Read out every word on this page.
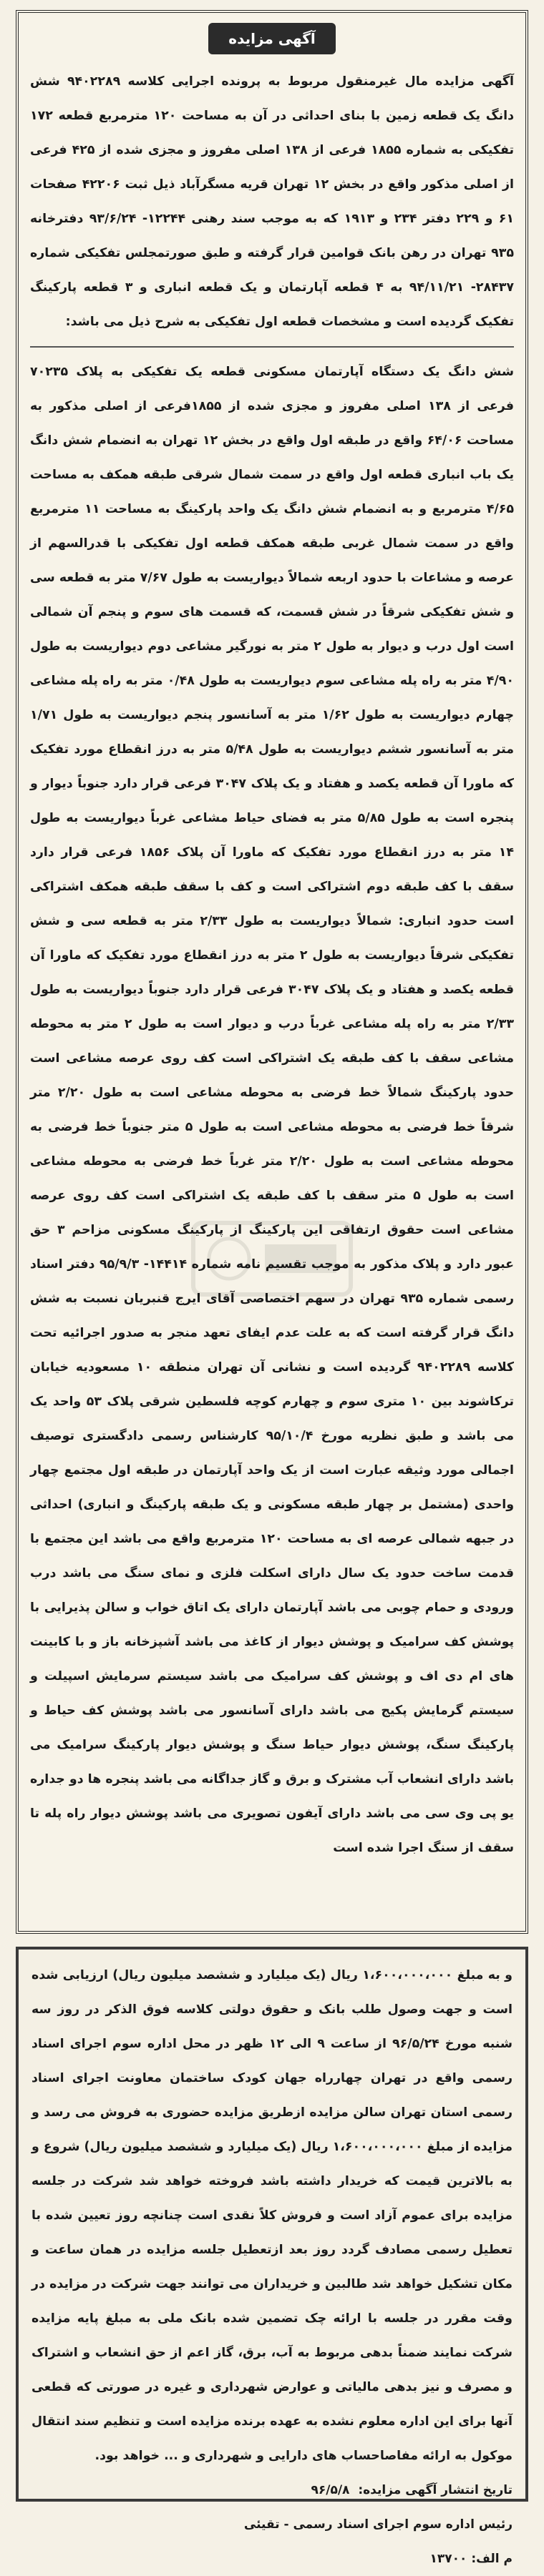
آگهی مزایده

آگهی مزایده مال غیرمنقول مربوط به پرونده اجرایی کلاسه ۹۴۰۲۲۸۹ شش دانگ یک قطعه زمین با بنای احداثی در آن به مساحت ۱۲۰ مترمربع قطعه ۱۷۲ تفکیکی به شماره ۱۸۵۵ فرعی از ۱۳۸ اصلی مفروز و مجزی شده از ۴۲۵ فرعی از اصلی مذکور واقع در بخش ۱۲ تهران قریه مسگرآباد ذیل ثبت ۴۲۲۰۶ صفحات ۶۱ و ۲۲۹ دفتر ۲۳۴ و ۱۹۱۳ که به موجب سند رهنی ۱۲۲۴۴- ۹۳/۶/۲۴ دفترخانه ۹۳۵ تهران در رهن بانک قوامین قرار گرفته و طبق صورتمجلس تفکیکی شماره ۲۸۴۳۷- ۹۴/۱۱/۲۱ به ۴ قطعه آپارتمان و یک قطعه انباری و ۳ قطعه پارکینگ تفکیک گردیده است و مشخصات قطعه اول تفکیکی به شرح ذیل می باشد:

شش دانگ یک دستگاه آپارتمان مسکونی قطعه یک تفکیکی به پلاک ۷۰۲۳۵ فرعی از ۱۳۸ اصلی مفروز و مجزی شده از ۱۸۵۵فرعی از اصلی مذکور به مساحت ۶۴/۰۶ واقع در طبقه اول واقع در بخش ۱۲ تهران به انضمام شش دانگ یک باب انباری قطعه اول واقع در سمت شمال شرقی طبقه همکف به مساحت ۴/۶۵ مترمربع و به انضمام شش دانگ یک واحد پارکینگ به مساحت ۱۱ مترمربع واقع در سمت شمال غربی طبقه همکف قطعه اول تفکیکی با قدرالسهم از عرصه و مشاعات با حدود اربعه شمالاً دیواریست به طول ۷/۶۷ متر به قطعه سی و شش تفکیکی شرقاً در شش قسمت، که قسمت های سوم و پنجم آن شمالی است اول درب و دیوار به طول ۲ متر به نورگیر مشاعی دوم دیواریست به طول ۴/۹۰ متر به راه پله مشاعی سوم دیواریست به طول ۰/۴۸ متر به راه پله مشاعی چهارم دیواریست به طول ۱/۶۲ متر به آسانسور پنجم دیواریست به طول ۱/۷۱ متر به آسانسور ششم دیواریست به طول ۵/۴۸ متر به درز انقطاع مورد تفکیک که ماورا آن قطعه یکصد و هفتاد و یک پلاک ۳۰۴۷ فرعی قرار دارد جنوباً دیوار و پنجره است به طول ۵/۸۵ متر به فضای حیاط مشاعی غرباً دیواریست به طول ۱۴ متر به درز انقطاع مورد تفکیک که ماورا آن پلاک ۱۸۵۶ فرعی قرار دارد سقف با کف طبقه دوم اشتراکی است و کف با سقف طبقه همکف اشتراکی است حدود انباری: شمالاً دیواریست به طول ۲/۳۳ متر به قطعه سی و شش تفکیکی شرقاً دیواریست به طول ۲ متر به درز انقطاع مورد تفکیک که ماورا آن قطعه یکصد و هفتاد و یک پلاک ۳۰۴۷ فرعی قرار دارد جنوباً دیواریست به طول ۲/۳۳ متر به راه پله مشاعی غرباً درب و دیوار است به طول ۲ متر به محوطه مشاعی سقف با کف طبقه یک اشتراکی است کف روی عرصه مشاعی است حدود پارکینگ شمالاً خط فرضی به محوطه مشاعی است به طول ۲/۲۰ متر شرقاً خط فرضی به محوطه مشاعی است به طول ۵ متر جنوباً خط فرضی به محوطه مشاعی است به طول ۲/۲۰ متر غرباً خط فرضی به محوطه مشاعی است به طول ۵ متر سقف با کف طبقه یک اشتراکی است کف روی عرصه مشاعی است حقوق ارتفاقی این پارکینگ از پارکینگ مسکونی مزاحم ۳ حق عبور دارد و پلاک مذکور به موجب تقسیم نامه شماره ۱۴۴۱۴- ۹۵/۹/۳ دفتر اسناد رسمی شماره ۹۳۵ تهران در سهم اختصاصی آقای ایرج قنبریان نسبت به شش دانگ قرار گرفته است که به علت عدم ایفای تعهد منجر به صدور اجرائیه تحت کلاسه ۹۴۰۲۲۸۹ گردیده است و نشانی آن تهران منطقه ۱۰ مسعودیه خیابان ترکاشوند بین ۱۰ متری سوم و چهارم کوچه فلسطین شرقی پلاک ۵۳ واحد یک می باشد و طبق نظریه مورخ ۹۵/۱۰/۴ کارشناس رسمی دادگستری توصیف اجمالی مورد وثیقه عبارت است از یک واحد آپارتمان در طبقه اول مجتمع چهار واحدی (مشتمل بر چهار طبقه مسکونی و یک طبقه پارکینگ و انباری) احداثی در جبهه شمالی عرصه ای به مساحت ۱۲۰ مترمربع واقع می باشد این مجتمع با قدمت ساخت حدود یک سال دارای اسکلت فلزی و نمای سنگ می باشد درب ورودی و حمام چوبی می باشد آپارتمان دارای یک اتاق خواب و سالن پذیرایی با پوشش کف سرامیک و پوشش دیوار از کاغذ می باشد آشپزخانه باز و با کابینت های ام دی اف و پوشش کف سرامیک می باشد سیستم سرمایش اسپیلت و سیستم گرمایش پکیج می باشد دارای آسانسور می باشد پوشش کف حیاط و پارکینگ سنگ، پوشش دیوار حیاط سنگ و پوشش دیوار پارکینگ سرامیک می باشد دارای انشعاب آب مشترک و برق و گاز جداگانه می باشد پنجره ها دو جداره یو پی وی سی می باشد دارای آیفون تصویری می باشد پوشش دیوار راه پله تا سقف از سنگ اجرا شده است

و به مبلغ ۱،۶۰۰،۰۰۰،۰۰۰ ریال (یک میلیارد و ششصد میلیون ریال) ارزیابی شده است و جهت وصول طلب بانک و حقوق دولتی کلاسه فوق الذکر در روز سه شنبه مورخ ۹۶/۵/۲۴ از ساعت ۹ الی ۱۲ ظهر در محل اداره سوم اجرای اسناد رسمی واقع در تهران چهارراه جهان کودک ساختمان معاونت اجرای اسناد رسمی استان تهران سالن مزایده ازطریق مزایده حضوری به فروش می رسد و مزایده از مبلغ ۱،۶۰۰،۰۰۰،۰۰۰ ریال (یک میلیارد و ششصد میلیون ریال) شروع و به بالاترین قیمت که خریدار داشته باشد فروخته خواهد شد شرکت در جلسه مزایده برای عموم آزاد است و فروش کلاً نقدی است چنانچه روز تعیین شده با تعطیل رسمی مصادف گردد روز بعد ازتعطیل جلسه مزایده در همان ساعت و مکان تشکیل خواهد شد طالبین و خریداران می توانند جهت شرکت در مزایده در وقت مقرر در جلسه با ارائه چک تضمین شده بانک ملی به مبلغ پایه مزایده شرکت نمایند ضمناً بدهی مربوط به آب، برق، گاز اعم از حق انشعاب و اشتراک و مصرف و نیز بدهی مالیاتی و عوارض شهرداری و غیره در صورتی که قطعی آنها برای این اداره معلوم نشده به عهده برنده مزایده است و تنظیم سند انتقال موکول به ارائه مفاصاحساب های دارایی و شهرداری و ... خواهد بود.

تاریخ انتشار آگهی مزایده: ۹۶/۵/۸

رئیس اداره سوم اجرای اسناد رسمی - تقیئی

م الف: ۱۳۷۰۰
